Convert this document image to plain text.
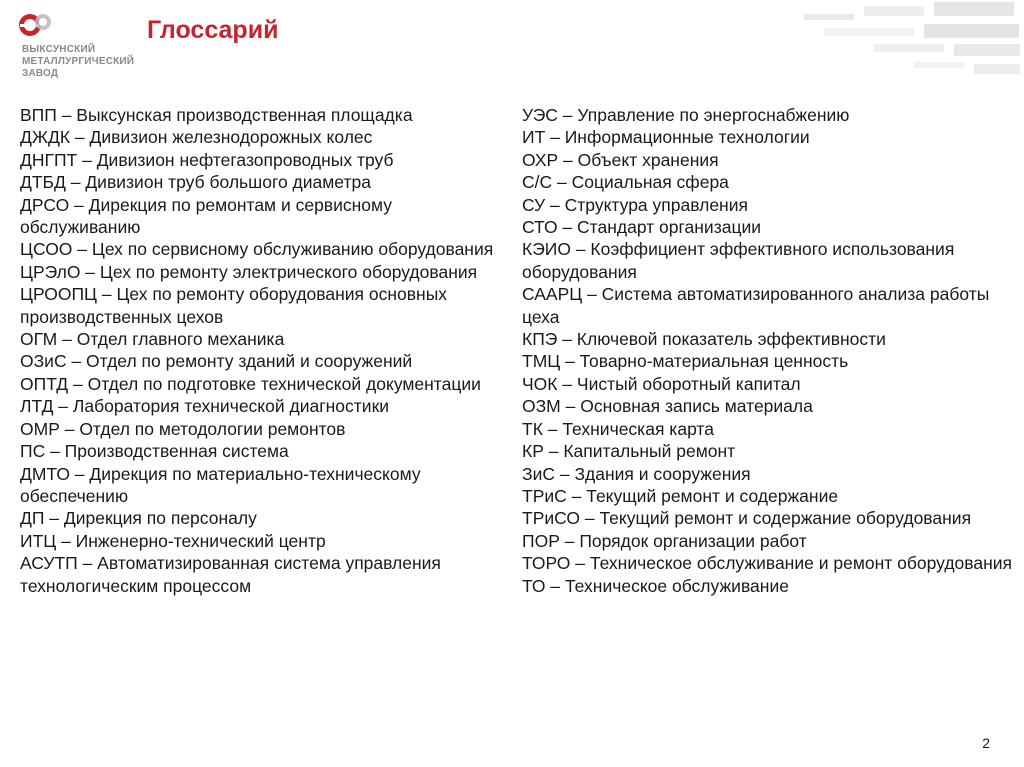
ВЫКСУНСКИЙ
МЕТАЛЛУРГИЧЕСКИЙ
ЗАВОД
Глоссарий

ВПП – Выксунская производственная площадка

ДЖДК – Дивизион железнодорожных колес

ДНГПТ – Дивизион нефтегазопроводных труб

ДТБД – Дивизион труб большого диаметра

ДРСО – Дирекция по ремонтам и сервисному обслуживанию

ЦСОО – Цех по сервисному обслуживанию оборудования

ЦРЭлО – Цех по ремонту электрического оборудования

ЦРООПЦ – Цех по ремонту оборудования основных производственных цехов

ОГМ – Отдел главного механика

ОЗиС – Отдел по ремонту зданий и сооружений

ОПТД – Отдел по подготовке технической документации

ЛТД – Лаборатория технической диагностики

ОМР – Отдел по методологии ремонтов

ПС – Производственная система

ДМТО – Дирекция по материально-техническому обеспечению

ДП – Дирекция по персоналу

ИТЦ – Инженерно-технический центр

АСУТП – Автоматизированная система управления технологическим процессом

УЭС – Управление по энергоснабжению

ИТ – Информационные технологии

ОХР – Объект хранения

С/С – Социальная сфера

СУ – Структура управления

СТО – Стандарт организации

КЭИО – Коэффициент эффективного использования оборудования

СААРЦ – Система автоматизированного анализа работы цеха

КПЭ – Ключевой показатель эффективности

ТМЦ – Товарно-материальная ценность

ЧОК – Чистый оборотный капитал

ОЗМ – Основная запись материала

ТК – Техническая карта

КР – Капитальный ремонт

ЗиС – Здания и сооружения

ТРиС – Текущий ремонт и содержание

ТРиСО – Текущий ремонт и содержание оборудования

ПОР – Порядок организации работ

ТОРО – Техническое обслуживание и ремонт оборудования

ТО – Техническое обслуживание

2
